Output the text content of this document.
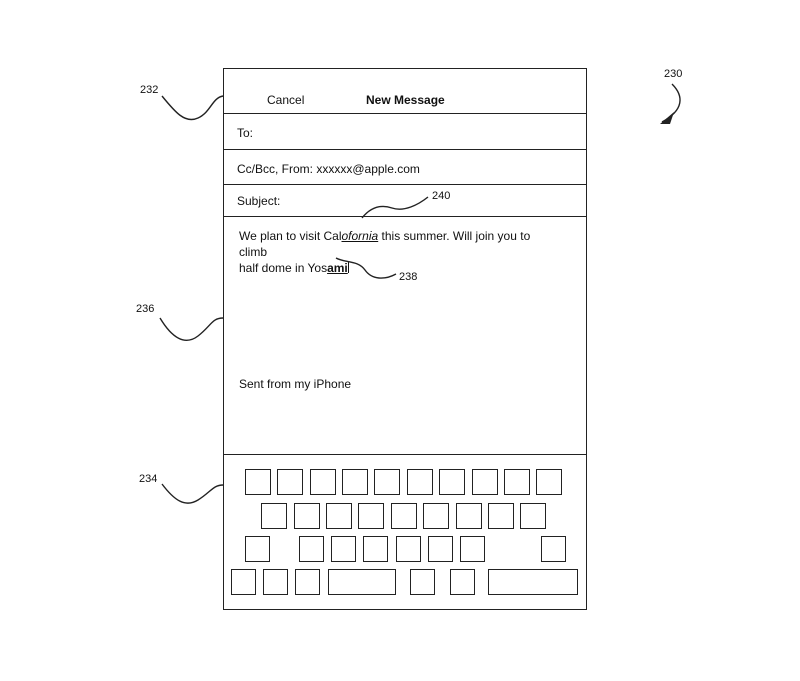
Cancel	New Message
To:
Cc/Bcc, From: xxxxxx@apple.com
Subject:
We plan to visit Calofornia this summer. Will join you to climb
half dome in Yosami
Sent from my iPhone
232
236
234
240
238
230
